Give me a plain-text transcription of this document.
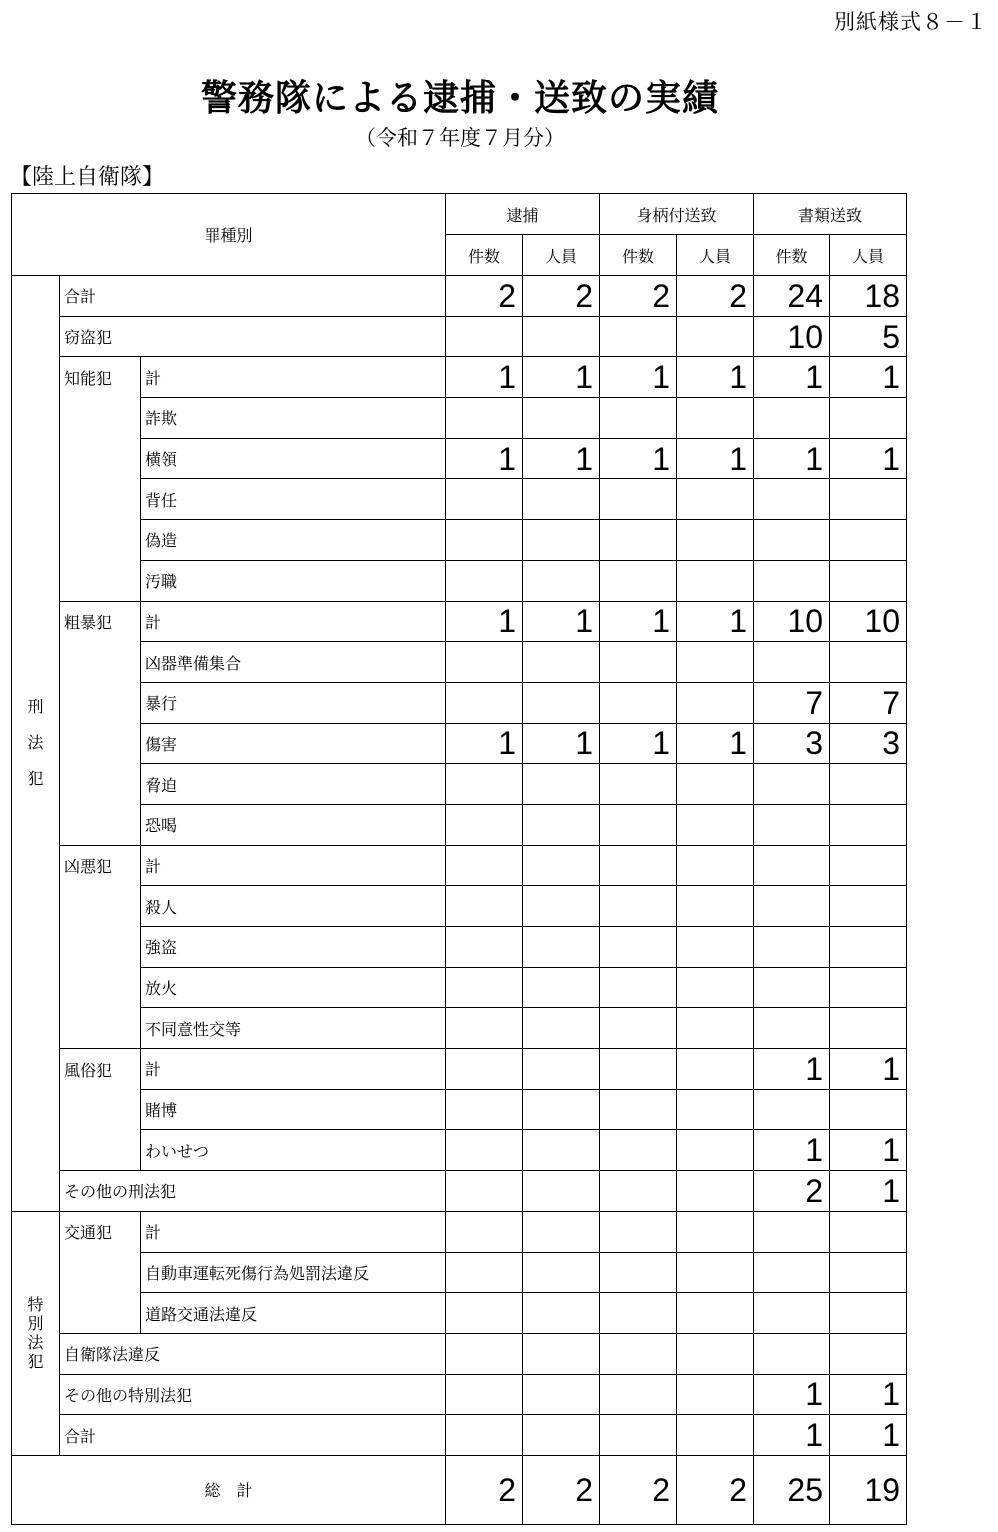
別紙様式８－１
警務隊による逮捕・送致の実績
（令和７年度７月分）
【陸上自衛隊】
罪種別			逮捕		身柄付送致		書類送致	
			件数	人員	件数	人員	件数	人員

刑
法
犯	合計		2	2	2	2	24	18
	窃盗犯						10	5
	知能犯	計	1	1	1	1	1	1
		詐欺						
		横領	1	1	1	1	1	1
		背任						
		偽造						
		汚職						
	粗暴犯	計	1	1	1	1	10	10
		凶器準備集合						
		暴行					7	7
		傷害	1	1	1	1	3	3
		脅迫						
		恐喝						
	凶悪犯	計						
		殺人						
		強盗						
		放火						
		不同意性交等						
	風俗犯	計					1	1
		賭博						
		わいせつ					1	1
	その他の刑法犯						2	1

特
別
法
犯	交通犯	計						
		自動車運転死傷行為処罰法違反						
		道路交通法違反						
	自衛隊法違反							
	その他の特別法犯						1	1
	合計						1	1
総　計			2	2	2	2	25	19
